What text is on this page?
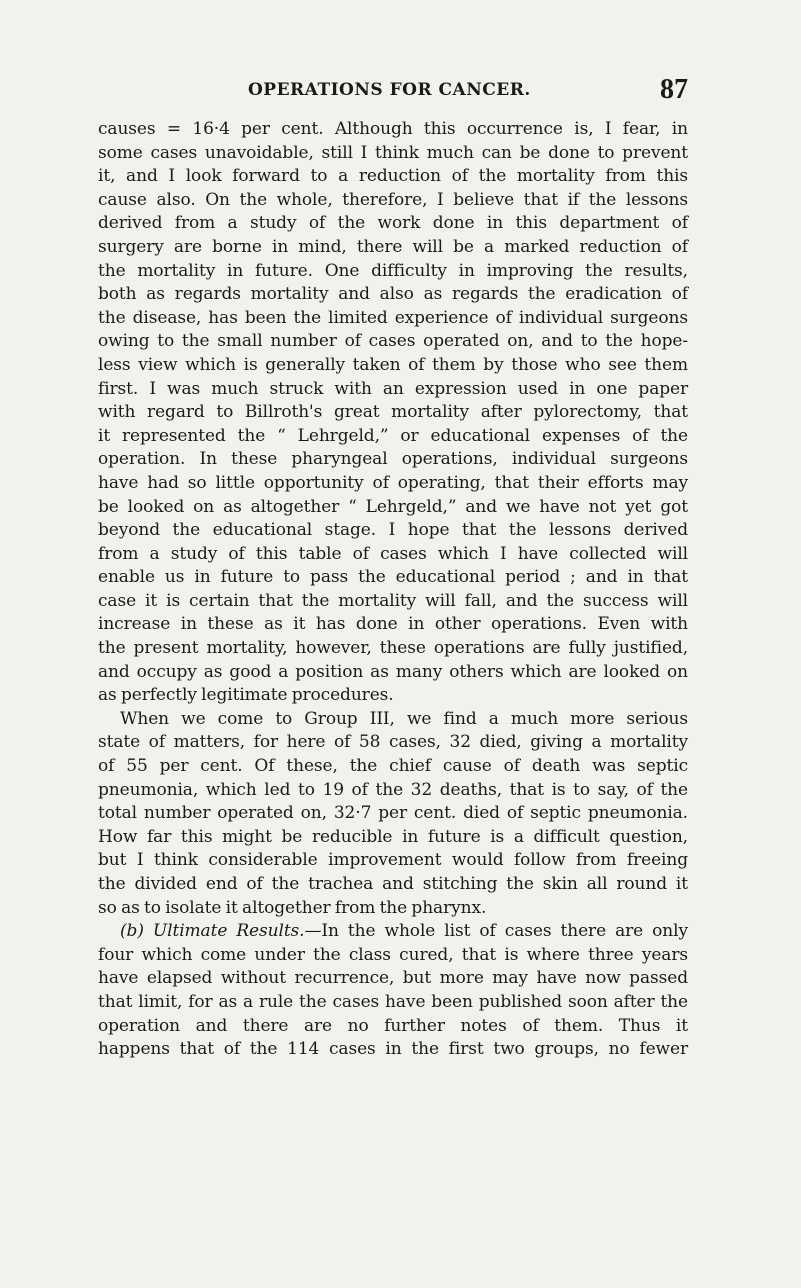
OPERATIONS FOR CANCER.	87
causes = 16·4 per cent. Although this occurrence is, I fear, in
some cases unavoidable, still I think much can be done to prevent
it, and I look forward to a reduction of the mortality from this
cause also. On the whole, therefore, I believe that if the lessons
derived from a study of the work done in this department of
surgery are borne in mind, there will be a marked reduction of
the mortality in future. One difficulty in improving the results,
both as regards mortality and also as regards the eradication of
the disease, has been the limited experience of individual surgeons
owing to the small number of cases operated on, and to the hope-
less view which is generally taken of them by those who see them
first. I was much struck with an expression used in one paper
with regard to Billroth's great mortality after pylorectomy, that
it represented the “ Lehrgeld,” or educational expenses of the
operation. In these pharyngeal operations, individual surgeons
have had so little opportunity of operating, that their efforts may
be looked on as altogether “ Lehrgeld,” and we have not yet got
beyond the educational stage. I hope that the lessons derived
from a study of this table of cases which I have collected will
enable us in future to pass the educational period ; and in that
case it is certain that the mortality will fall, and the success will
increase in these as it has done in other operations. Even with
the present mortality, however, these operations are fully justified,
and occupy as good a position as many others which are looked on
as perfectly legitimate procedures.
When we come to Group III, we find a much more serious
state of matters, for here of 58 cases, 32 died, giving a mortality
of 55 per cent. Of these, the chief cause of death was septic
pneumonia, which led to 19 of the 32 deaths, that is to say, of the
total number operated on, 32·7 per cent. died of septic pneumonia.
How far this might be reducible in future is a difficult question,
but I think considerable improvement would follow from freeing
the divided end of the trachea and stitching the skin all round it
so as to isolate it altogether from the pharynx.
(b) Ultimate Results.—In the whole list of cases there are only
four which come under the class cured, that is where three years
have elapsed without recurrence, but more may have now passed
that limit, for as a rule the cases have been published soon after the
operation and there are no further notes of them. Thus it
happens that of the 114 cases in the first two groups, no fewer
